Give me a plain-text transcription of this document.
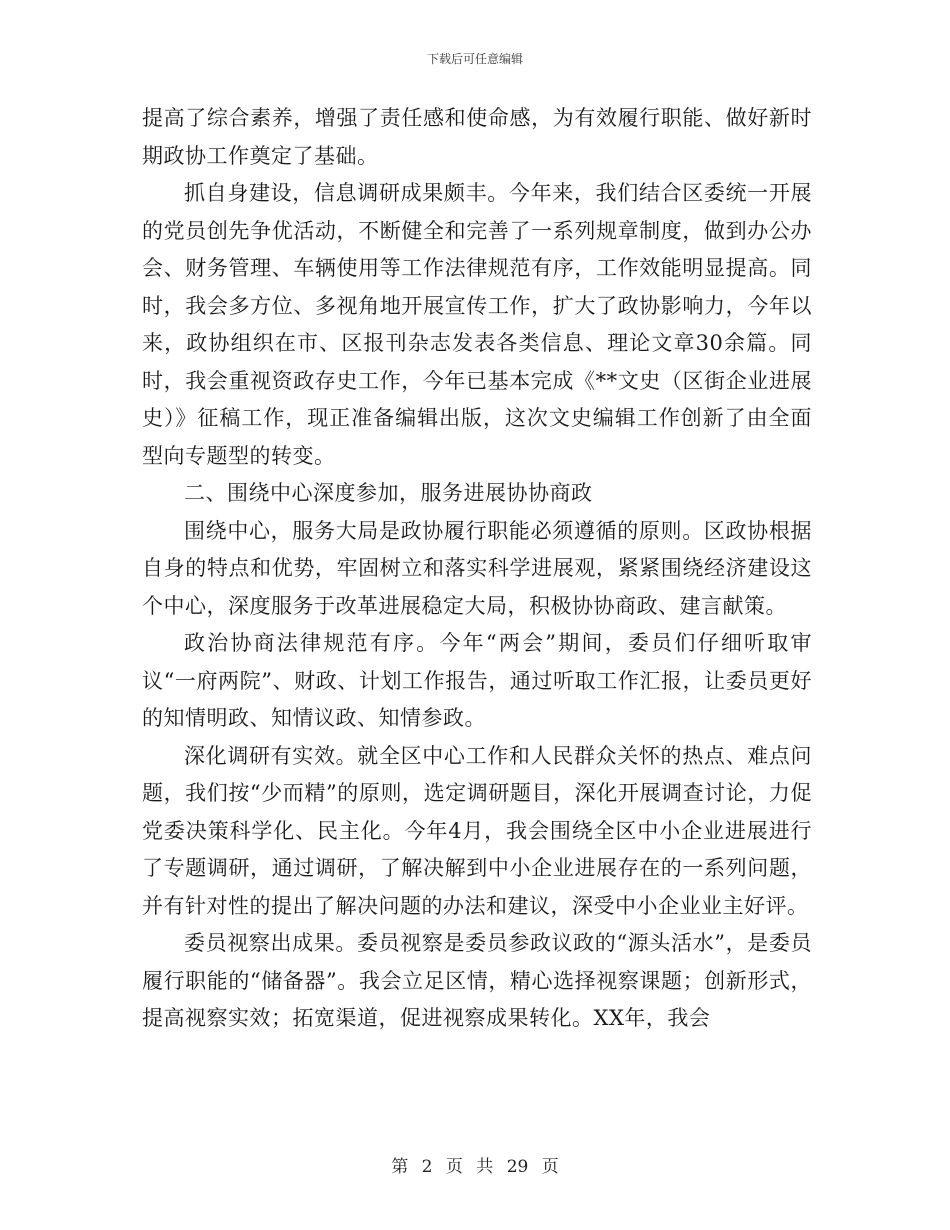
下载后可任意编辑

提高了综合素养，增强了责任感和使命感，为有效履行职能、做好新时期政协工作奠定了基础。

抓自身建设，信息调研成果颇丰。今年来，我们结合区委统一开展的党员创先争优活动，不断健全和完善了一系列规章制度，做到办公办会、财务管理、车辆使用等工作法律规范有序，工作效能明显提高。同时，我会多方位、多视角地开展宣传工作，扩大了政协影响力，今年以来，政协组织在市、区报刊杂志发表各类信息、理论文章30余篇。同时，我会重视资政存史工作，今年已基本完成《**文史（区街企业进展史）》征稿工作，现正准备编辑出版，这次文史编辑工作创新了由全面型向专题型的转变。

二、围绕中心深度参加，服务进展协协商政

围绕中心，服务大局是政协履行职能必须遵循的原则。区政协根据自身的特点和优势，牢固树立和落实科学进展观，紧紧围绕经济建设这个中心，深度服务于改革进展稳定大局，积极协协商政、建言献策。

政治协商法律规范有序。今年“两会”期间，委员们仔细听取审议“一府两院”、财政、计划工作报告，通过听取工作汇报，让委员更好的知情明政、知情议政、知情参政。

深化调研有实效。就全区中心工作和人民群众关怀的热点、难点问题，我们按“少而精”的原则，选定调研题目，深化开展调查讨论，力促党委决策科学化、民主化。今年4月，我会围绕全区中小企业进展进行了专题调研，通过调研，了解决解到中小企业进展存在的一系列问题，并有针对性的提出了解决问题的办法和建议，深受中小企业业主好评。

委员视察出成果。委员视察是委员参政议政的“源头活水”，是委员履行职能的“储备器”。我会立足区情，精心选择视察课题；创新形式，提高视察实效；拓宽渠道，促进视察成果转化。XX年，我会

第 2 页 共 29 页
